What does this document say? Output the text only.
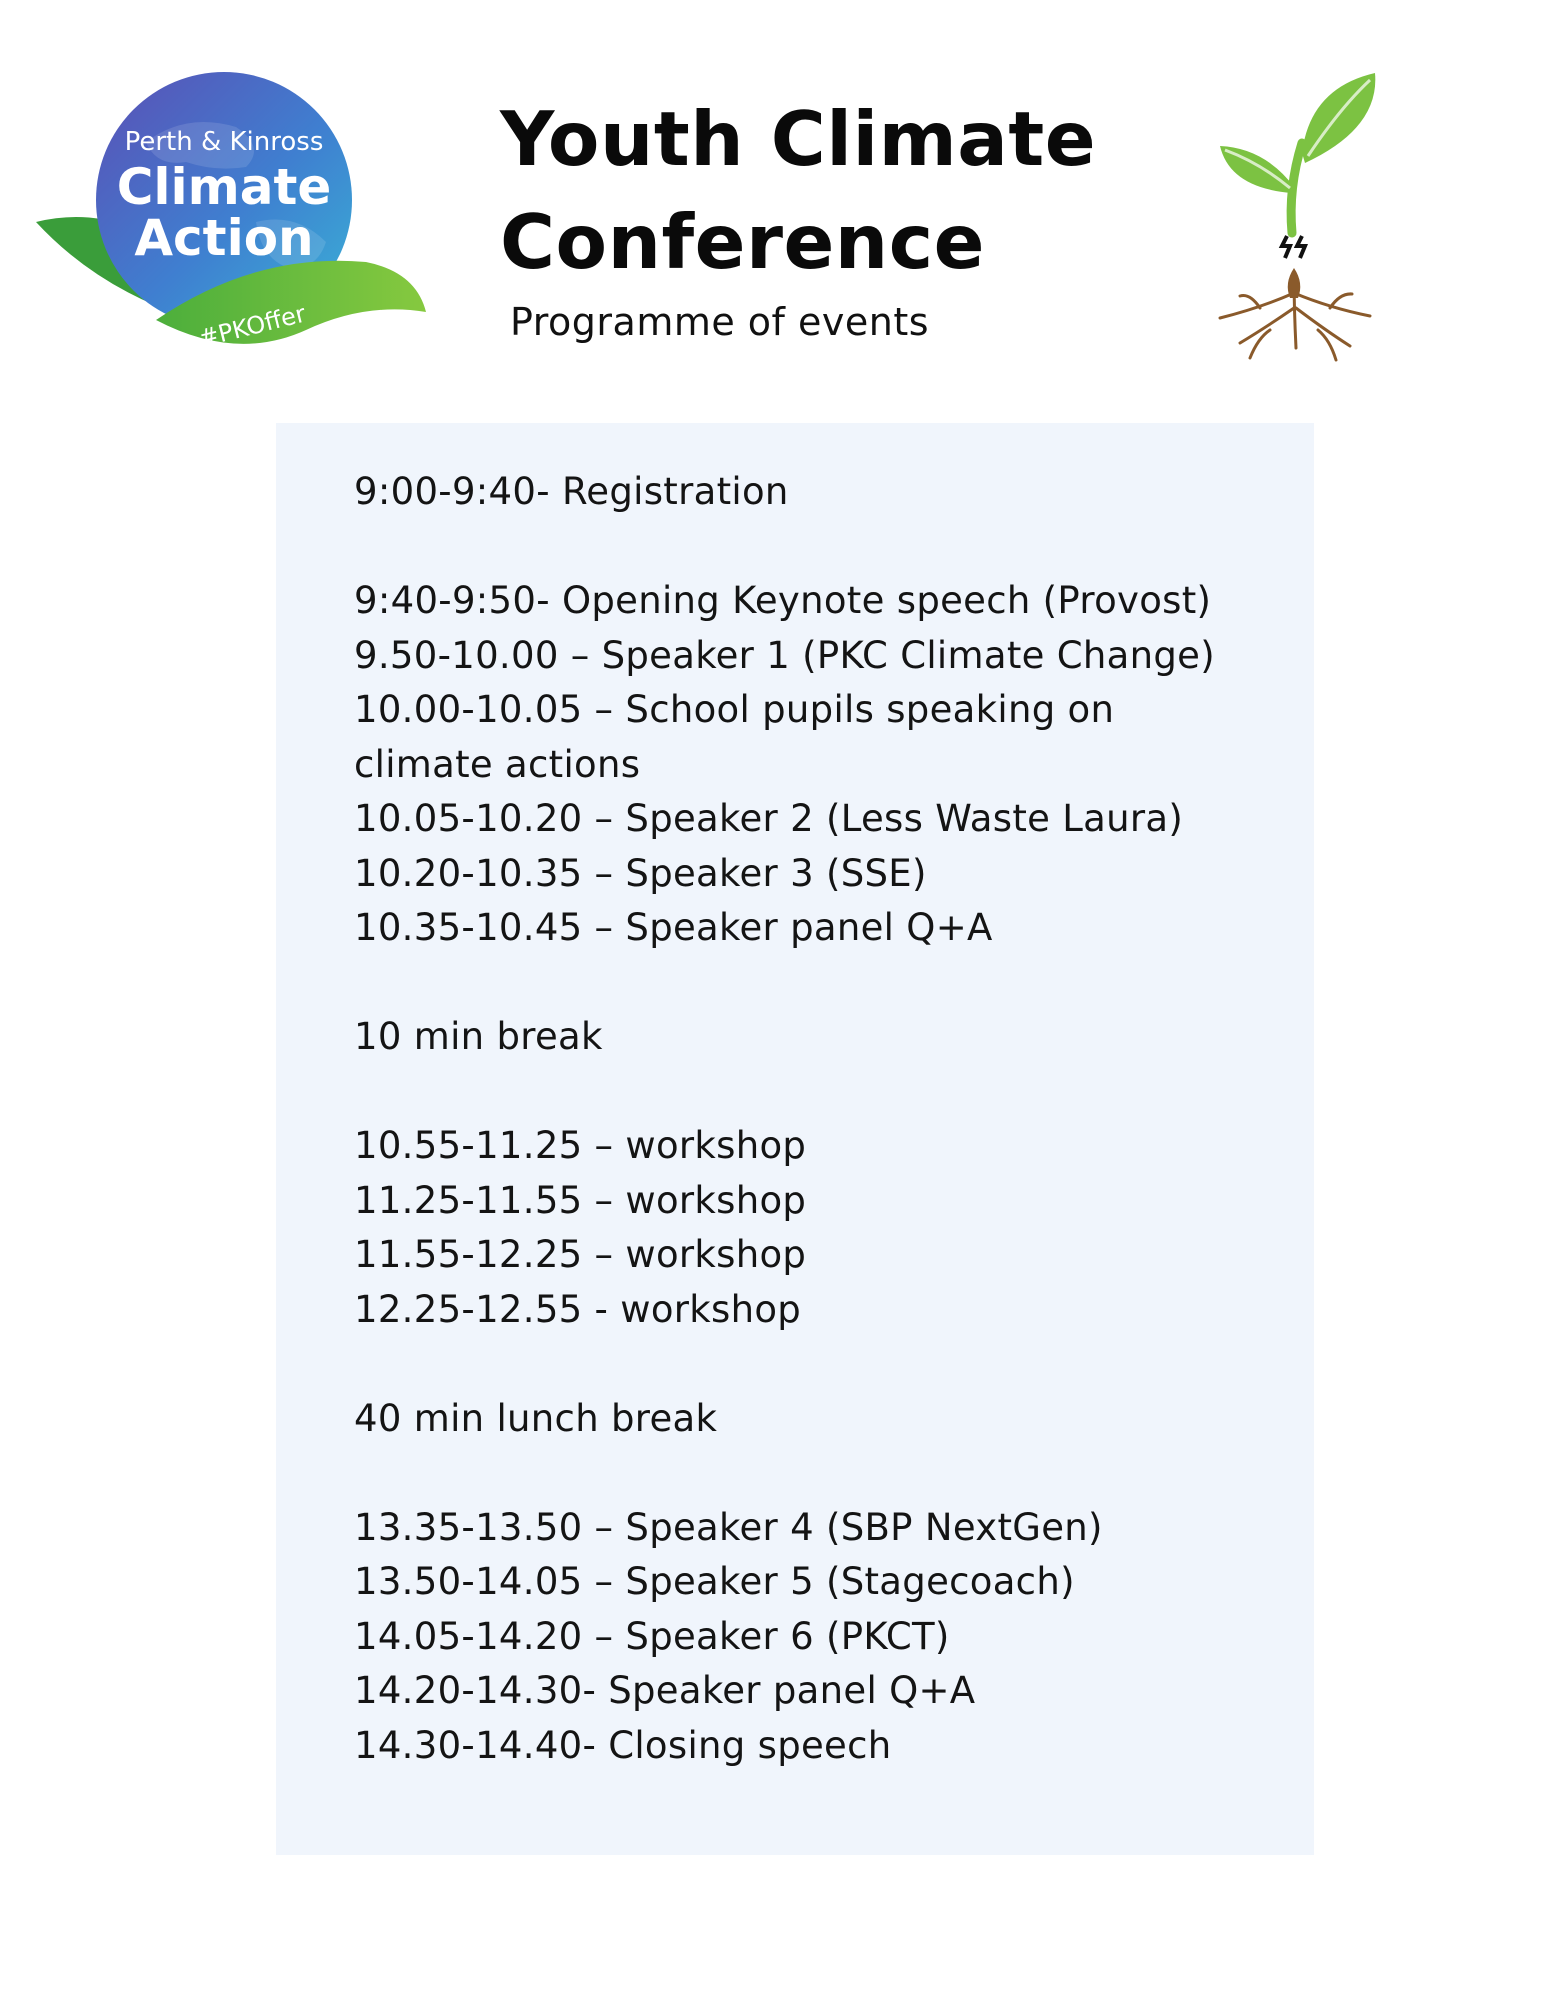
Perth & Kinross
Climate
Action
#PKOffer
Youth Climate
Conference
Programme of events
9:00-9:40- Registration
9:40-9:50- Opening Keynote speech (Provost)
9.50-10.00 – Speaker 1 (PKC Climate Change)
10.00-10.05 – School pupils speaking on
climate actions
10.05-10.20 – Speaker 2 (Less Waste Laura)
10.20-10.35 – Speaker 3 (SSE)
10.35-10.45 – Speaker panel Q+A
10 min break
10.55-11.25 – workshop
11.25-11.55 – workshop
11.55-12.25 – workshop
12.25-12.55 - workshop
40 min lunch break
13.35-13.50 – Speaker 4 (SBP NextGen)
13.50-14.05 – Speaker 5 (Stagecoach)
14.05-14.20 – Speaker 6 (PKCT)
14.20-14.30- Speaker panel Q+A
14.30-14.40- Closing speech
